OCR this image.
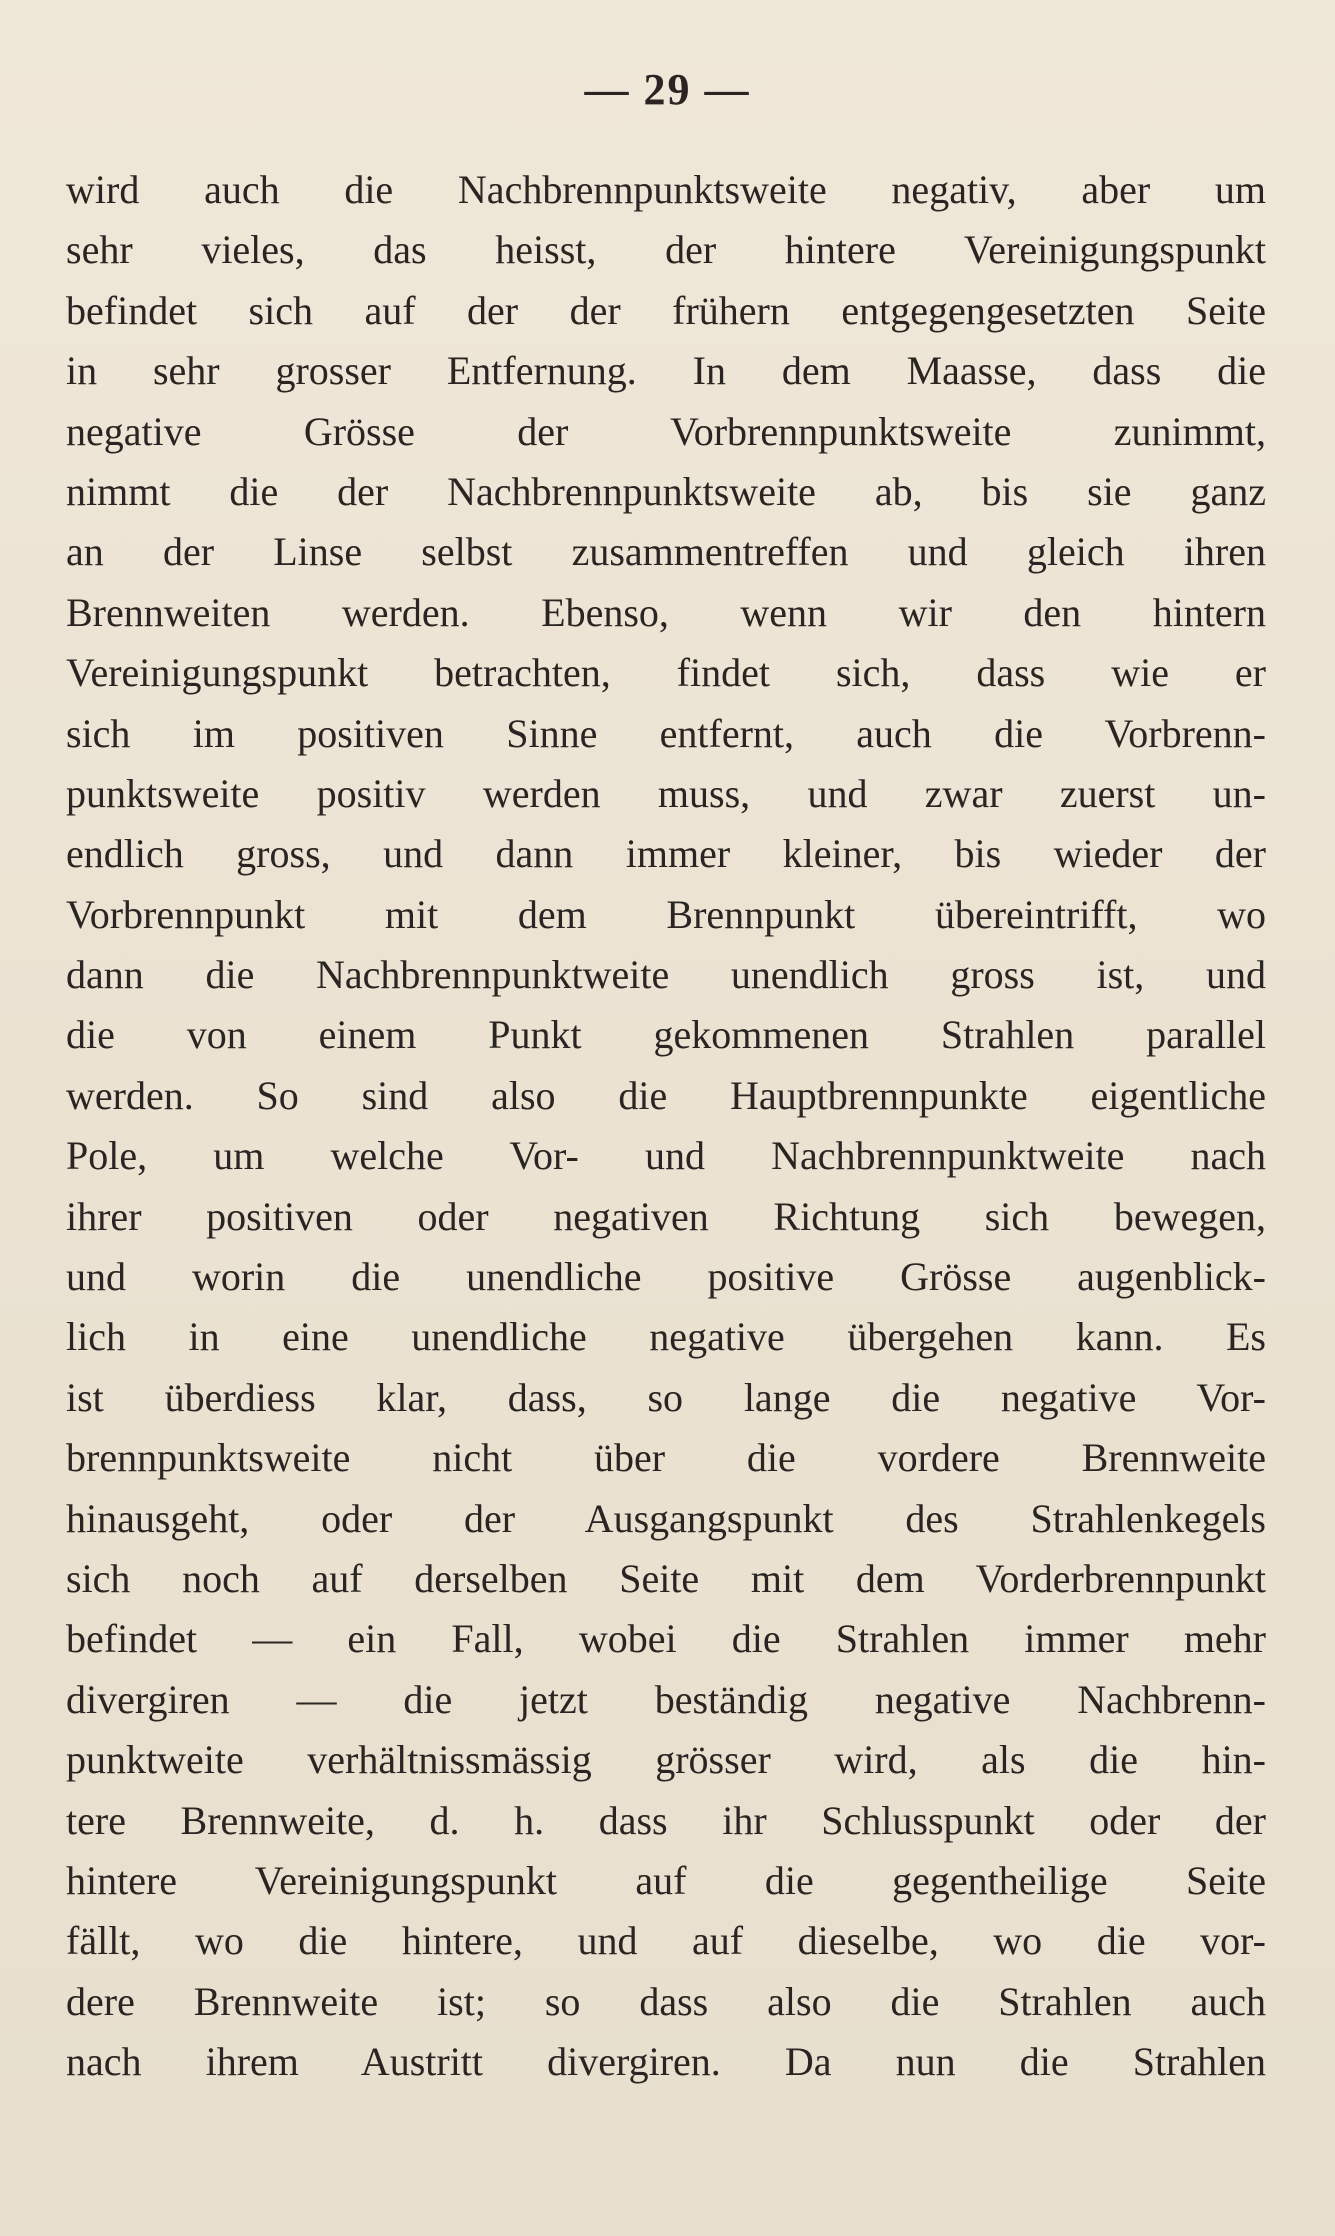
— 29 —
wird auch die Nachbrennpunktsweite negativ, aber um
sehr vieles, das heisst, der hintere Vereinigungspunkt
befindet sich auf der der frühern entgegengesetzten Seite
in sehr grosser Entfernung. In dem Maasse, dass die
negative Grösse der Vorbrennpunktsweite zunimmt,
nimmt die der Nachbrennpunktsweite ab, bis sie ganz
an der Linse selbst zusammentreffen und gleich ihren
Brennweiten werden. Ebenso, wenn wir den hintern
Vereinigungspunkt betrachten, findet sich, dass wie er
sich im positiven Sinne entfernt, auch die Vorbrenn-
punktsweite positiv werden muss, und zwar zuerst un-
endlich gross, und dann immer kleiner, bis wieder der
Vorbrennpunkt mit dem Brennpunkt übereintrifft, wo
dann die Nachbrennpunktweite unendlich gross ist, und
die von einem Punkt gekommenen Strahlen parallel
werden. So sind also die Hauptbrennpunkte eigentliche
Pole, um welche Vor- und Nachbrennpunktweite nach
ihrer positiven oder negativen Richtung sich bewegen,
und worin die unendliche positive Grösse augenblick-
lich in eine unendliche negative übergehen kann. Es
ist überdiess klar, dass, so lange die negative Vor-
brennpunktsweite nicht über die vordere Brennweite
hinausgeht, oder der Ausgangspunkt des Strahlenkegels
sich noch auf derselben Seite mit dem Vorderbrennpunkt
befindet — ein Fall, wobei die Strahlen immer mehr
divergiren — die jetzt beständig negative Nachbrenn-
punktweite verhältnissmässig grösser wird, als die hin-
tere Brennweite, d. h. dass ihr Schlusspunkt oder der
hintere Vereinigungspunkt auf die gegentheilige Seite
fällt, wo die hintere, und auf dieselbe, wo die vor-
dere Brennweite ist; so dass also die Strahlen auch
nach ihrem Austritt divergiren. Da nun die Strahlen
